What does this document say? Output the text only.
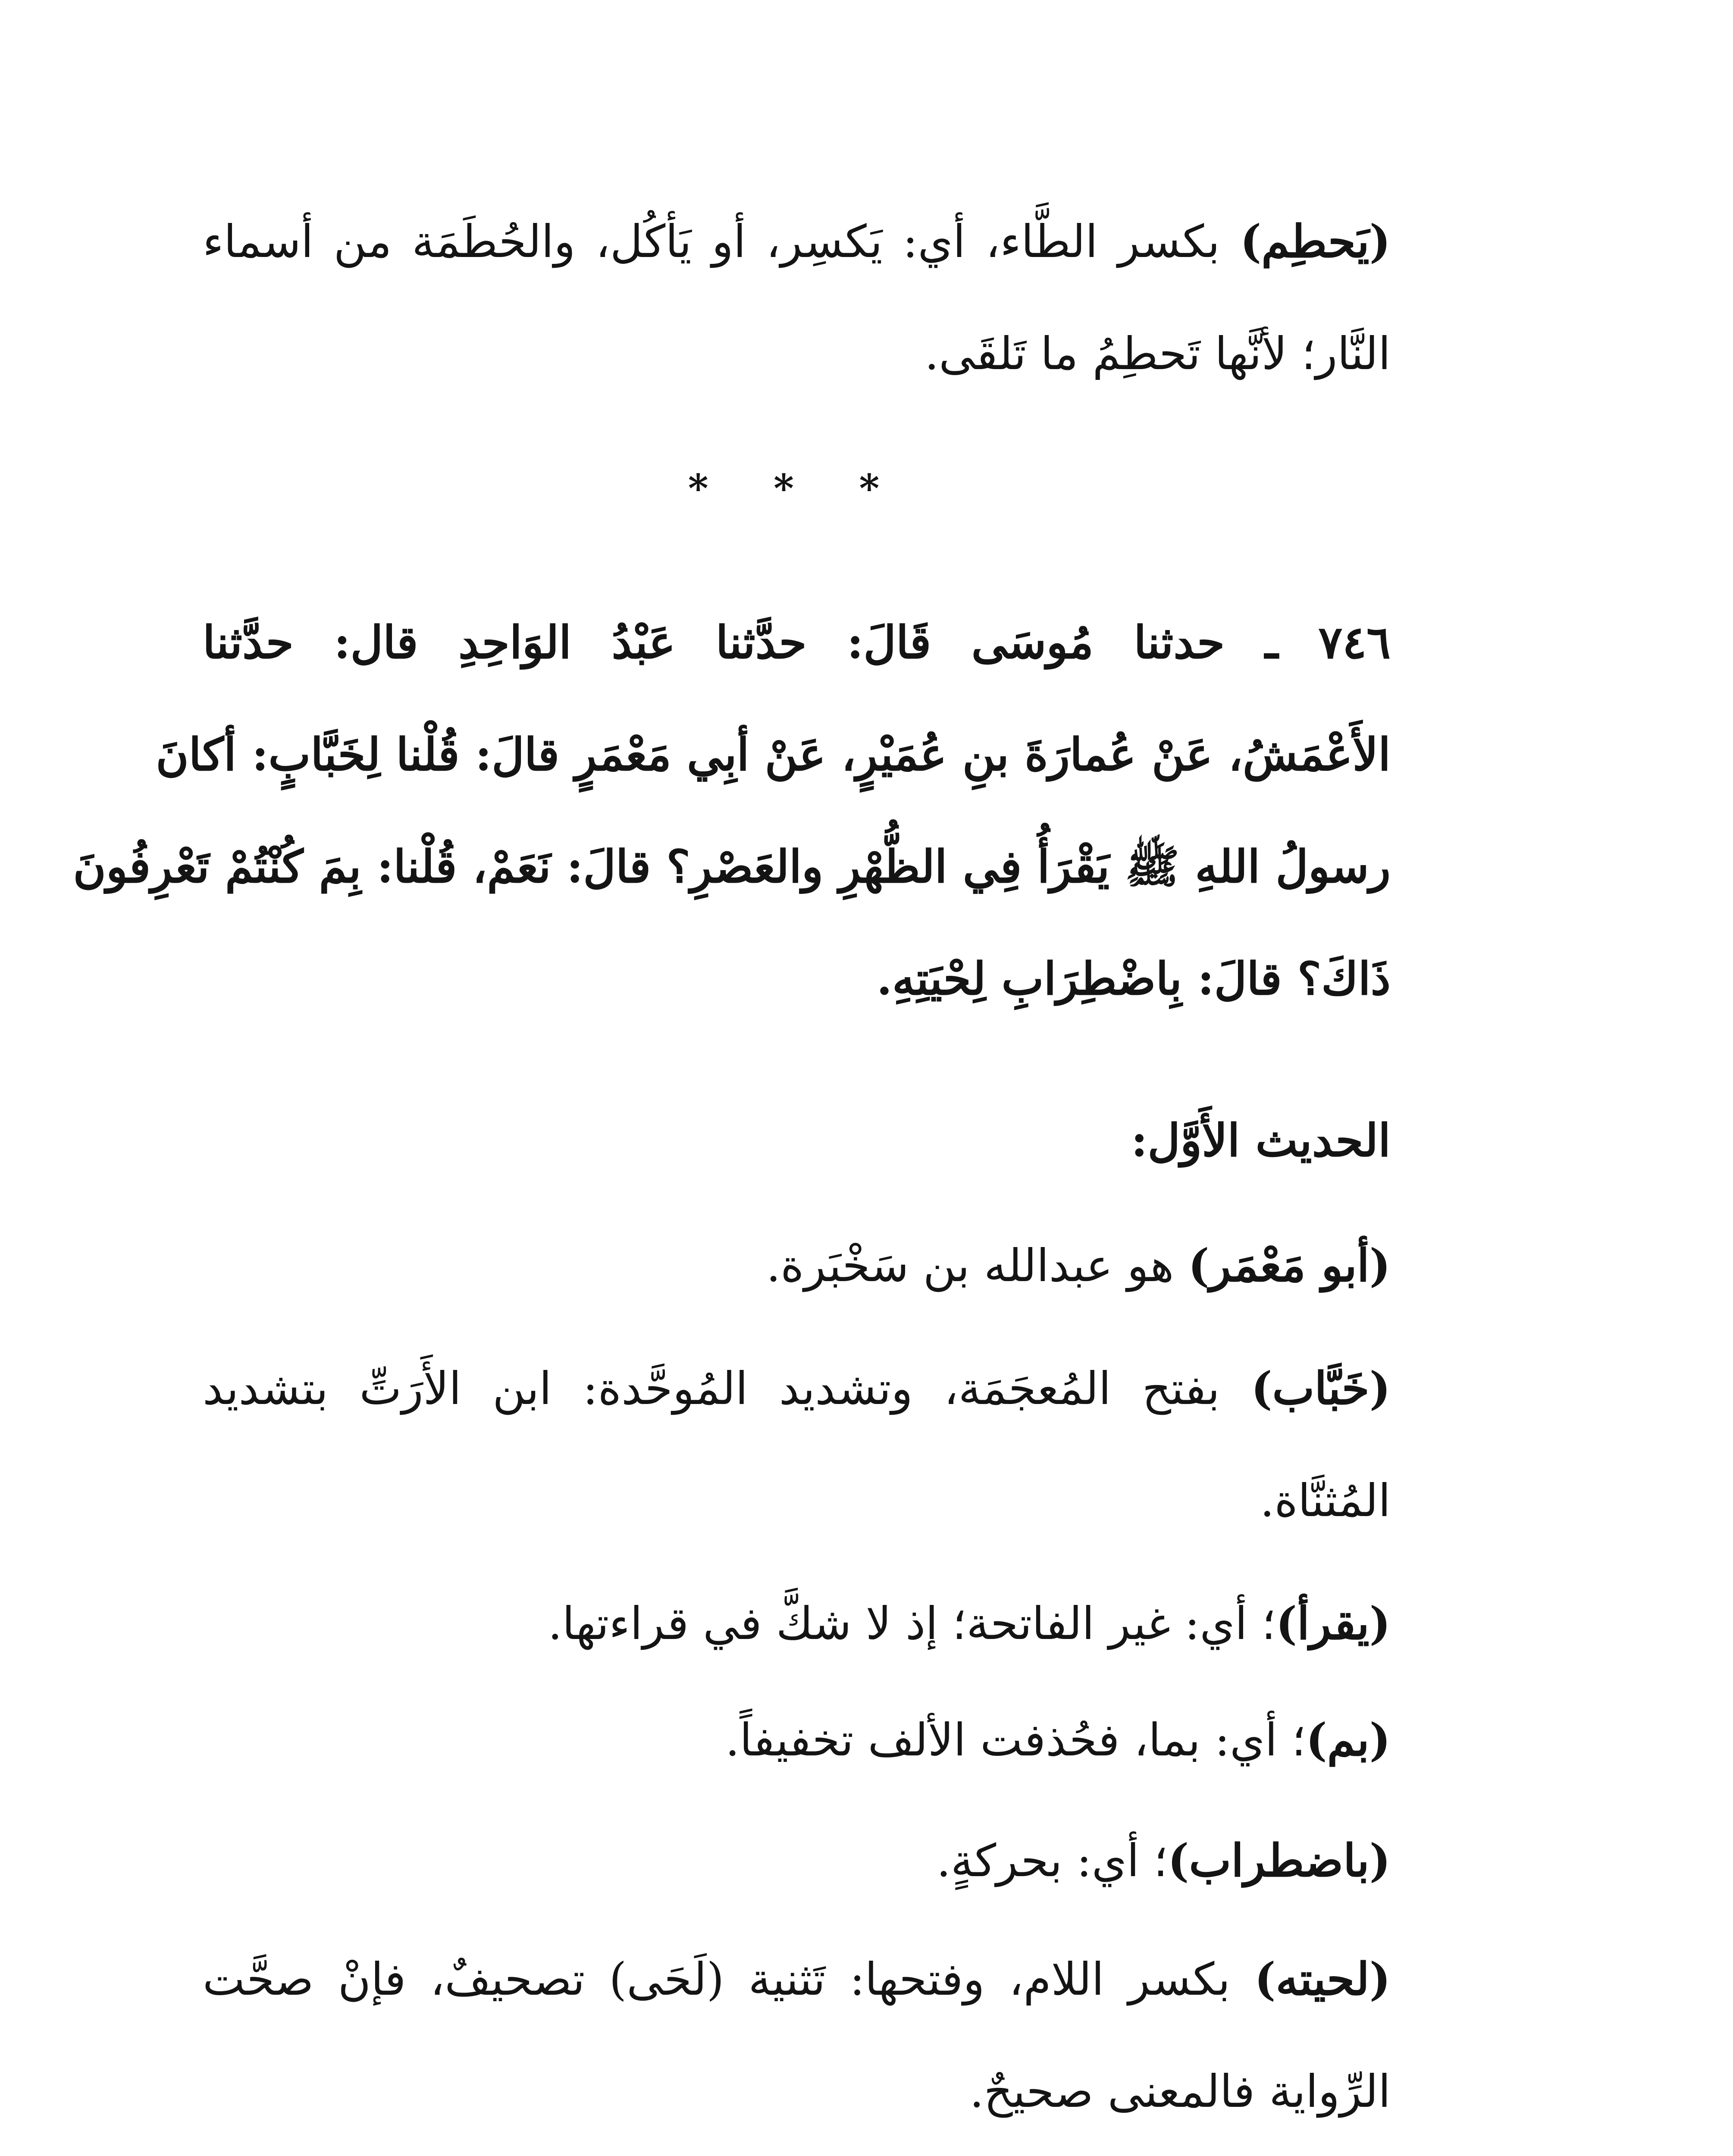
(يَحطِم) بكسر الطَّاء، أي: يَكسِر، أو يَأكُل، والحُطَمَة من أسماء
النَّار؛ لأنَّها تَحطِمُ ما تَلقَى.
* * *
٧٤٦ ـ حدثنا مُوسَى قَالَ: حدَّثنا عَبْدُ الوَاحِدِ قال: حدَّثنا
الأَعْمَشُ، عَنْ عُمارَةَ بنِ عُمَيْرٍ، عَنْ أبِي مَعْمَرٍ قالَ: قُلْنا لِخَبَّابٍ: أكانَ
رسولُ اللهِ ﷺ يَقْرَأُ فِي الظُّهْرِ والعَصْرِ؟ قالَ: نَعَمْ، قُلْنا: بِمَ كُنْتُمْ تَعْرِفُونَ
ذَاكَ؟ قالَ: بِاضْطِرَابِ لِحْيَتِهِ.
الحديث الأَوَّل:
(أبو مَعْمَر) هو عبدالله بن سَخْبَرة.
(خَبَّاب) بفتح المُعجَمَة، وتشديد المُوحَّدة: ابن الأَرَتِّ بتشديد
المُثنَّاة.
(يقرأ)؛ أي: غير الفاتحة؛ إذ لا شكَّ في قراءتها.
(بم)؛ أي: بما، فحُذفت الألف تخفيفاً.
(باضطراب)؛ أي: بحركةٍ.
(لحيته) بكسر اللام، وفتحها: تَثنية (لَحَى) تصحيفٌ، فإنْ صحَّت
الرِّواية فالمعنى صحيحٌ.
